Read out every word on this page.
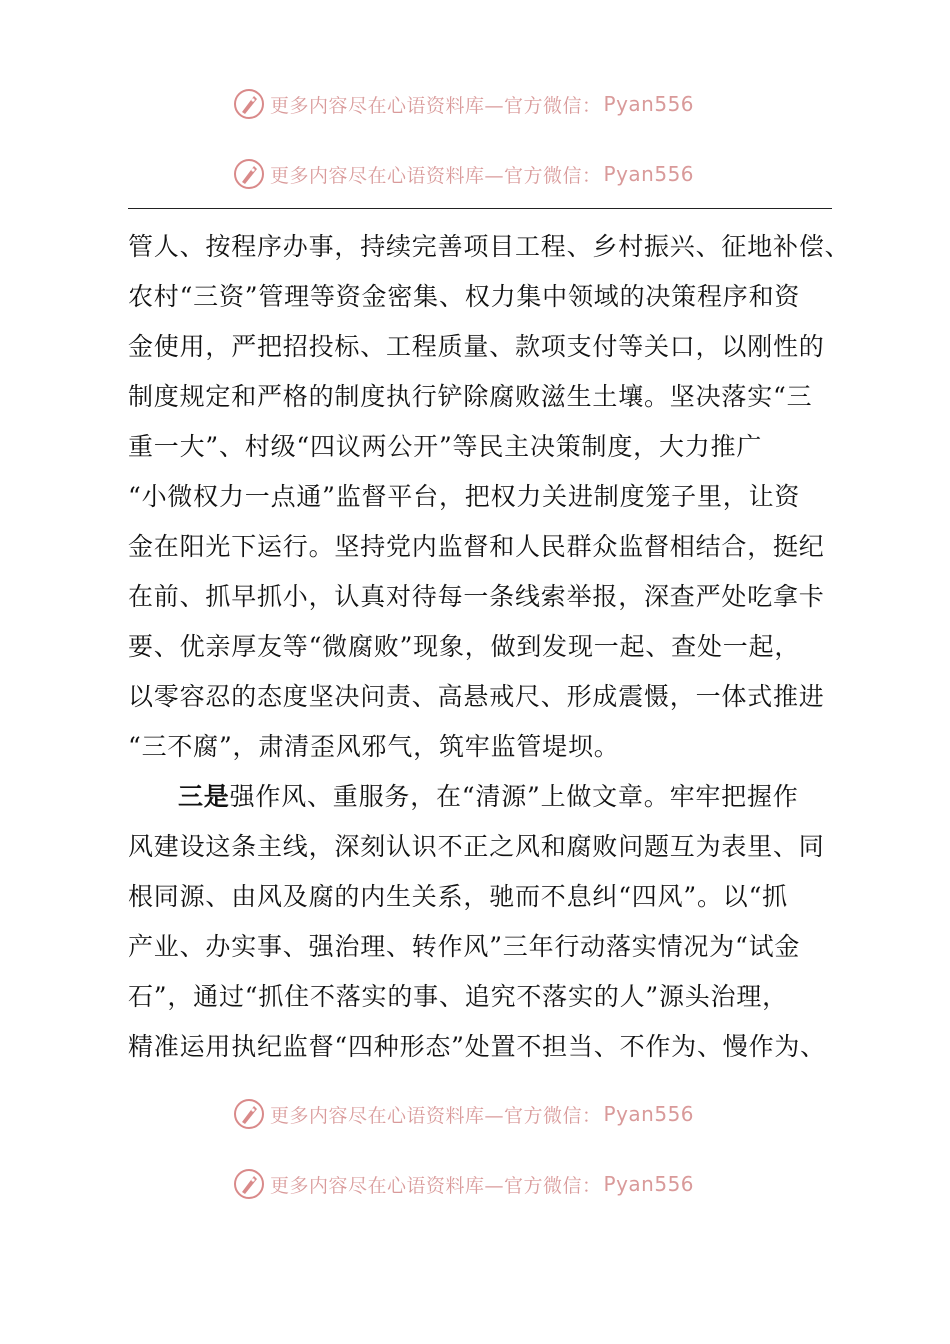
更多内容尽在心语资料库—官方微信： Pyan556
更多内容尽在心语资料库—官方微信： Pyan556
管人、按程序办事，持续完善项目工程、乡村振兴、征地补偿、
农村“三资”管理等资金密集、权力集中领域的决策程序和资
金使用，严把招投标、工程质量、款项支付等关口，以刚性的
制度规定和严格的制度执行铲除腐败滋生土壤。坚决落实“三
重一大”、村级“四议两公开”等民主决策制度，大力推广
“小微权力一点通”监督平台，把权力关进制度笼子里，让资
金在阳光下运行。坚持党内监督和人民群众监督相结合，挺纪
在前、抓早抓小，认真对待每一条线索举报，深查严处吃拿卡
要、优亲厚友等“微腐败”现象，做到发现一起、查处一起，
以零容忍的态度坚决问责、高悬戒尺、形成震慑，一体式推进
“三不腐”，肃清歪风邪气，筑牢监管堤坝。
三是强作风、重服务，在“清源”上做文章。牢牢把握作
风建设这条主线，深刻认识不正之风和腐败问题互为表里、同
根同源、由风及腐的内生关系，驰而不息纠“四风”。以“抓
产业、办实事、强治理、转作风”三年行动落实情况为“试金
石”，通过“抓住不落实的事、追究不落实的人”源头治理，
精准运用执纪监督“四种形态”处置不担当、不作为、慢作为、
更多内容尽在心语资料库—官方微信： Pyan556
更多内容尽在心语资料库—官方微信： Pyan556
